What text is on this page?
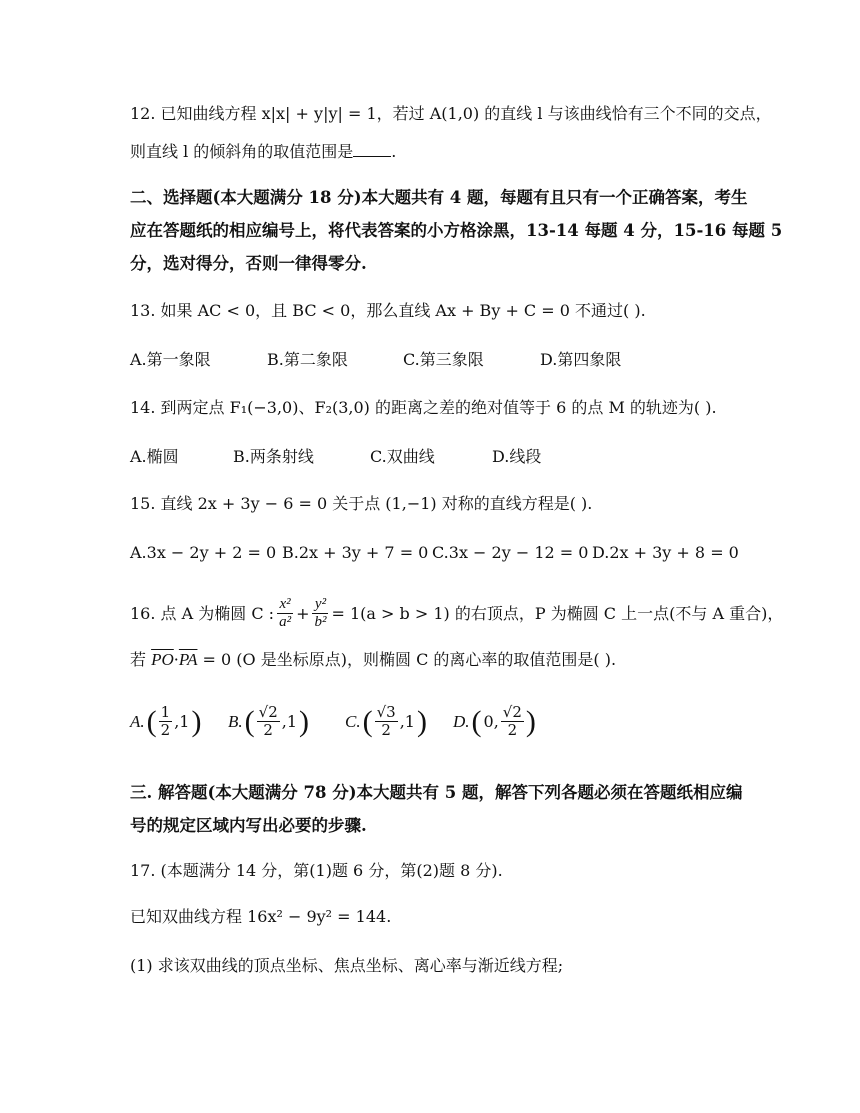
12. 已知曲线方程 x|x| + y|y| = 1，若过 A(1,0) 的直线 l 与该曲线恰有三个不同的交点，
则直线 l 的倾斜角的取值范围是 .
二、选择题(本大题满分 18 分)本大题共有 4 题，每题有且只有一个正确答案，考生
应在答题纸的相应编号上，将代表答案的小方格涂黑，13-14 每题 4 分，15-16 每题 5
分，选对得分，否则一律得零分.
13. 如果 AC < 0，且 BC < 0，那么直线 Ax + By + C = 0 不通过( ).
A.第一象限	B.第二象限	C.第三象限	D.第四象限
14. 到两定点 F₁(−3,0)、F₂(3,0) 的距离之差的绝对值等于 6 的点 M 的轨迹为( ).
A.椭圆	B.两条射线	C.双曲线	D.线段
15. 直线 2x + 3y − 6 = 0 关于点 (1,−1) 对称的直线方程是( ).
A.3x − 2y + 2 = 0 B.2x + 3y + 7 = 0 C.3x − 2y − 12 = 0 D.2x + 3y + 8 = 0
16. 点 A 为椭圆 C : $\frac{\text{x²}}{\text{a²}} + \frac{\text{y²}}{\text{b²}} = 1(a > b > 1)$ 的右顶点，P 为椭圆 C 上一点(不与 A 重合)，
若 $\overline{PO}\cdot\overline{PA} = 0$ (O 是坐标原点)，则椭圆 C 的离心率的取值范围是( ).
A. ( $\frac{1}{2} ,1$ ) B. ( $\frac{√2}{2} ,1$ ) C. ( $\frac{√3}{2} ,1$ ) D. ( 0, $\frac{√2}{2}$ )
三. 解答题(本大题满分 78 分)本大题共有 5 题，解答下列各题必须在答题纸相应编
号的规定区域内写出必要的步骤.
17. (本题满分 14 分，第(1)题 6 分，第(2)题 8 分).
已知双曲线方程 16x² − 9y² = 144.
(1) 求该双曲线的顶点坐标、焦点坐标、离心率与渐近线方程;
